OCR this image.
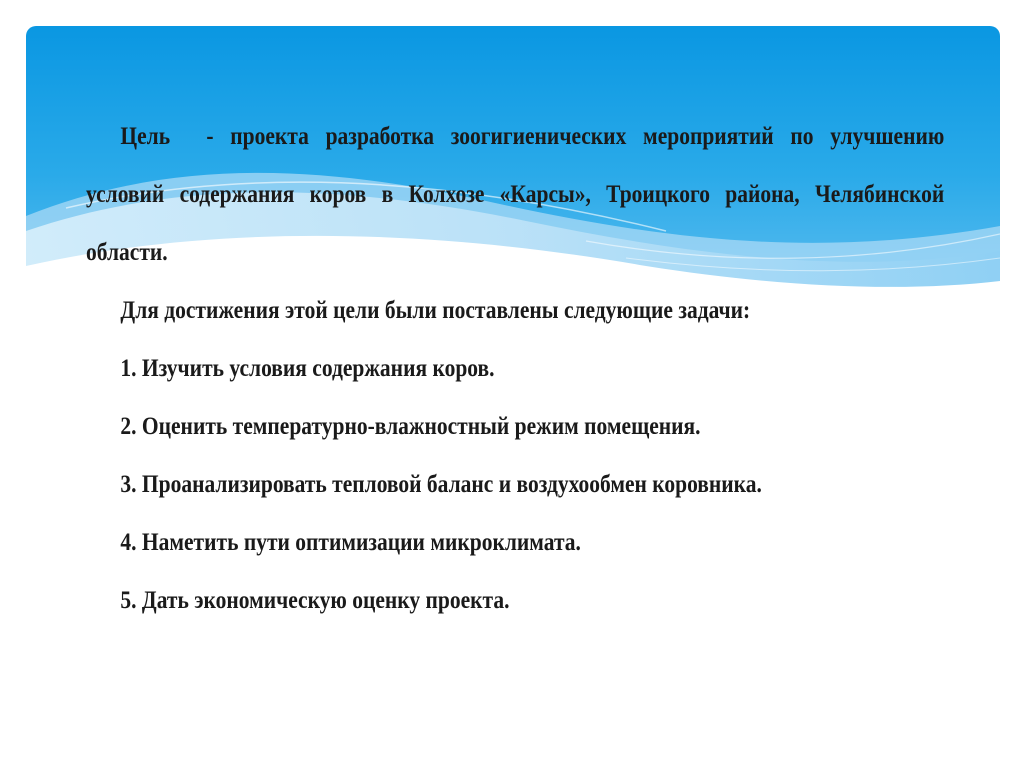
Цель - проекта разработка зоогигиенических мероприятий по улучшению условий содержания коров в Колхозе «Карсы», Троицкого района, Челябинской области.

Для достижения этой цели были поставлены следующие задачи:

1. Изучить условия содержания коров.

2. Оценить температурно-влажностный режим помещения.

3. Проанализировать тепловой баланс и воздухообмен коровника.

4. Наметить пути оптимизации микроклимата.

5. Дать экономическую оценку проекта.
